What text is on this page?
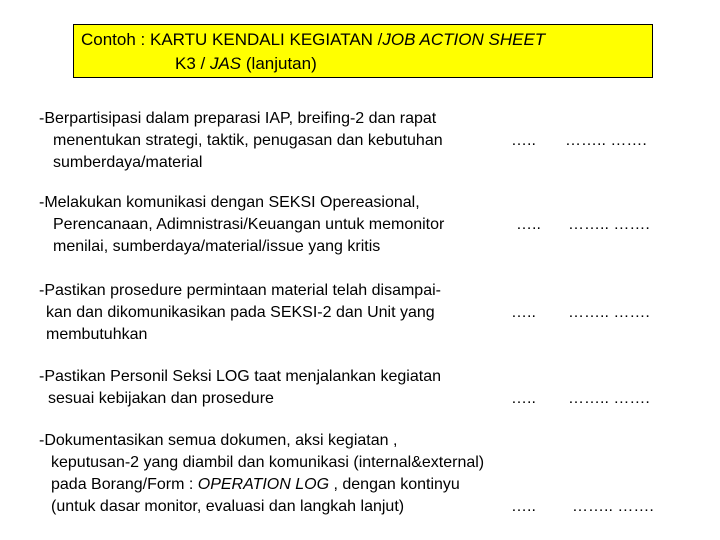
Contoh : KARTU KENDALI KEGIATAN /JOB ACTION SHEET
K3 / JAS (lanjutan)
-Berpartisipasi dalam preparasi IAP, breifing-2 dan rapat
menentukan strategi, taktik, penugasan dan kebutuhan
sumberdaya/material
….. …….. …….
-Melakukan komunikasi dengan SEKSI Opereasional,
Perencanaan, Adimnistrasi/Keuangan untuk memonitor
menilai, sumberdaya/material/issue yang kritis
….. …….. …….
-Pastikan prosedure permintaan material telah disampai-
kan dan dikomunikasikan pada SEKSI-2 dan Unit yang
membutuhkan
….. …….. …….
-Pastikan Personil Seksi LOG taat menjalankan kegiatan
sesuai kebijakan dan prosedure	….. …….. …….
-Dokumentasikan semua dokumen, aksi kegiatan ,
keputusan-2 yang diambil dan komunikasi (internal&external)
pada Borang/Form : OPERATION LOG , dengan kontinyu
(untuk dasar monitor, evaluasi dan langkah lanjut)	….. …….. …….
